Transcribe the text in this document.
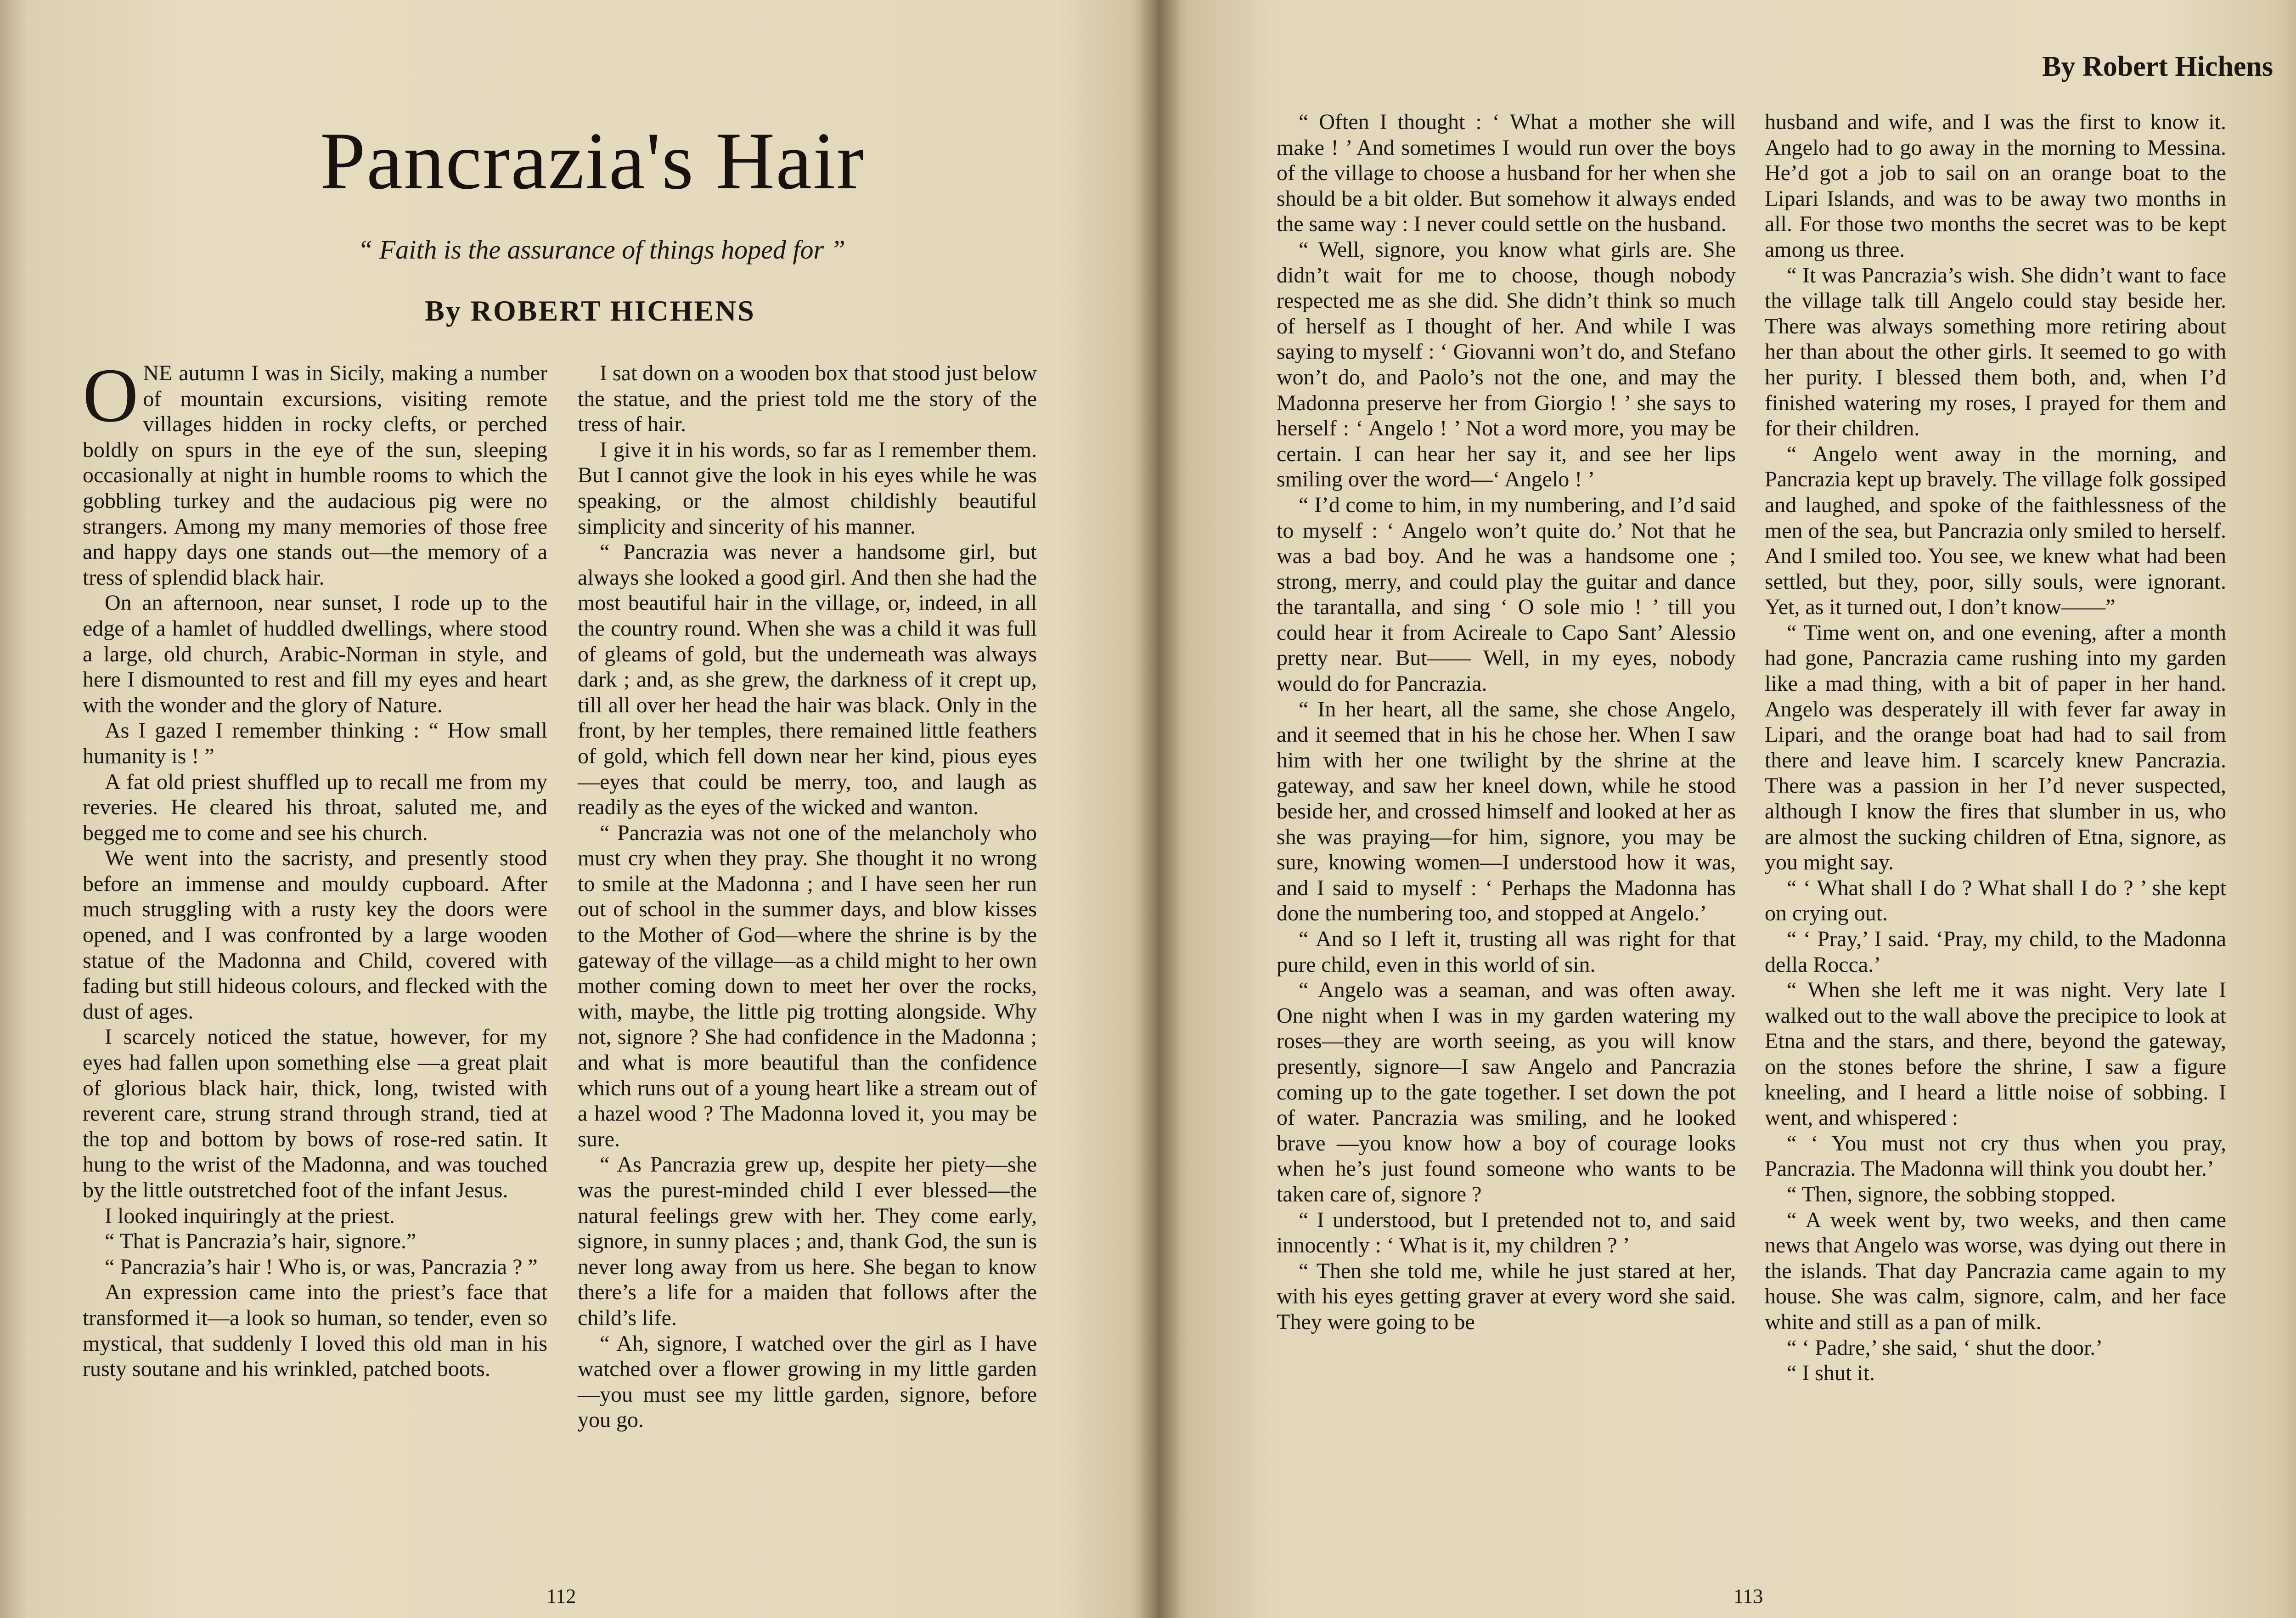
Pancrazia's Hair
“ Faith is the assurance of things hoped for ”
By ROBERT HICHENS

ONE autumn I was in Sicily, making a number of mountain excursions, visiting remote villages hidden in rocky clefts, or perched boldly on spurs in the eye of the sun, sleeping occasionally at night in humble rooms to which the gobbling turkey and the audacious pig were no strangers. Among my many memories of those free and happy days one stands out—the memory of a tress of splendid black hair.

On an afternoon, near sunset, I rode up to the edge of a hamlet of huddled dwellings, where stood a large, old church, Arabic-Norman in style, and here I dismounted to rest and fill my eyes and heart with the wonder and the glory of Nature.

As I gazed I remember thinking : “ How small humanity is ! ”

A fat old priest shuffled up to recall me from my reveries. He cleared his throat, saluted me, and begged me to come and see his church.

We went into the sacristy, and presently stood before an immense and mouldy cupboard. After much struggling with a rusty key the doors were opened, and I was confronted by a large wooden statue of the Madonna and Child, covered with fading but still hideous colours, and flecked with the dust of ages.

I scarcely noticed the statue, however, for my eyes had fallen upon something else —a great plait of glorious black hair, thick, long, twisted with reverent care, strung strand through strand, tied at the top and bottom by bows of rose-red satin. It hung to the wrist of the Madonna, and was touched by the little outstretched foot of the infant Jesus.

I looked inquiringly at the priest.

“ That is Pancrazia’s hair, signore.”

“ Pancrazia’s hair ! Who is, or was, Pancrazia ? ”

An expression came into the priest’s face that transformed it—a look so human, so tender, even so mystical, that suddenly I loved this old man in his rusty soutane and his wrinkled, patched boots.

I sat down on a wooden box that stood just below the statue, and the priest told me the story of the tress of hair.

I give it in his words, so far as I remember them. But I cannot give the look in his eyes while he was speaking, or the almost childishly beautiful simplicity and sincerity of his manner.

“ Pancrazia was never a handsome girl, but always she looked a good girl. And then she had the most beautiful hair in the village, or, indeed, in all the country round. When she was a child it was full of gleams of gold, but the underneath was always dark ; and, as she grew, the darkness of it crept up, till all over her head the hair was black. Only in the front, by her temples, there remained little feathers of gold, which fell down near her kind, pious eyes—eyes that could be merry, too, and laugh as readily as the eyes of the wicked and wanton.

“ Pancrazia was not one of the melancholy who must cry when they pray. She thought it no wrong to smile at the Madonna ; and I have seen her run out of school in the summer days, and blow kisses to the Mother of God—where the shrine is by the gateway of the village—as a child might to her own mother coming down to meet her over the rocks, with, maybe, the little pig trotting alongside. Why not, signore ? She had confidence in the Madonna ; and what is more beautiful than the confidence which runs out of a young heart like a stream out of a hazel wood ? The Madonna loved it, you may be sure.

“ As Pancrazia grew up, despite her piety—she was the purest-minded child I ever blessed—the natural feelings grew with her. They come early, signore, in sunny places ; and, thank God, the sun is never long away from us here. She began to know there’s a life for a maiden that follows after the child’s life.

“ Ah, signore, I watched over the girl as I have watched over a flower growing in my little garden—you must see my little garden, signore, before you go.

112
By Robert Hichens

“ Often I thought : ‘ What a mother she will make ! ’ And sometimes I would run over the boys of the village to choose a husband for her when she should be a bit older. But somehow it always ended the same way : I never could settle on the husband.

“ Well, signore, you know what girls are. She didn’t wait for me to choose, though nobody respected me as she did. She didn’t think so much of herself as I thought of her. And while I was saying to myself : ‘ Giovanni won’t do, and Stefano won’t do, and Paolo’s not the one, and may the Madonna preserve her from Giorgio ! ’ she says to herself : ‘ Angelo ! ’ Not a word more, you may be certain. I can hear her say it, and see her lips smiling over the word—‘ Angelo ! ’

“ I’d come to him, in my numbering, and I’d said to myself : ‘ Angelo won’t quite do.’ Not that he was a bad boy. And he was a handsome one ; strong, merry, and could play the guitar and dance the tarantalla, and sing ‘ O sole mio ! ’ till you could hear it from Acireale to Capo Sant’ Alessio pretty near. But—— Well, in my eyes, nobody would do for Pancrazia.

“ In her heart, all the same, she chose Angelo, and it seemed that in his he chose her. When I saw him with her one twilight by the shrine at the gateway, and saw her kneel down, while he stood beside her, and crossed himself and looked at her as she was praying—for him, signore, you may be sure, knowing women—I understood how it was, and I said to myself : ‘ Perhaps the Madonna has done the numbering too, and stopped at Angelo.’

“ And so I left it, trusting all was right for that pure child, even in this world of sin.

“ Angelo was a seaman, and was often away. One night when I was in my garden watering my roses—they are worth seeing, as you will know presently, signore—I saw Angelo and Pancrazia coming up to the gate together. I set down the pot of water. Pancrazia was smiling, and he looked brave —you know how a boy of courage looks when he’s just found someone who wants to be taken care of, signore ?

“ I understood, but I pretended not to, and said innocently : ‘ What is it, my children ? ’

“ Then she told me, while he just stared at her, with his eyes getting graver at every word she said. They were going to be

husband and wife, and I was the first to know it. Angelo had to go away in the morning to Messina. He’d got a job to sail on an orange boat to the Lipari Islands, and was to be away two months in all. For those two months the secret was to be kept among us three.

“ It was Pancrazia’s wish. She didn’t want to face the village talk till Angelo could stay beside her. There was always something more retiring about her than about the other girls. It seemed to go with her purity. I blessed them both, and, when I’d finished watering my roses, I prayed for them and for their children.

“ Angelo went away in the morning, and Pancrazia kept up bravely. The village folk gossiped and laughed, and spoke of the faithlessness of the men of the sea, but Pancrazia only smiled to herself. And I smiled too. You see, we knew what had been settled, but they, poor, silly souls, were ignorant. Yet, as it turned out, I don’t know——”

“ Time went on, and one evening, after a month had gone, Pancrazia came rushing into my garden like a mad thing, with a bit of paper in her hand. Angelo was desperately ill with fever far away in Lipari, and the orange boat had had to sail from there and leave him. I scarcely knew Pancrazia. There was a passion in her I’d never suspected, although I know the fires that slumber in us, who are almost the sucking children of Etna, signore, as you might say.

“ ‘ What shall I do ? What shall I do ? ’ she kept on crying out.

“ ‘ Pray,’ I said. ‘Pray, my child, to the Madonna della Rocca.’

“ When she left me it was night. Very late I walked out to the wall above the precipice to look at Etna and the stars, and there, beyond the gateway, on the stones before the shrine, I saw a figure kneeling, and I heard a little noise of sobbing. I went, and whispered :

“ ‘ You must not cry thus when you pray, Pancrazia. The Madonna will think you doubt her.’

“ Then, signore, the sobbing stopped.

“ A week went by, two weeks, and then came news that Angelo was worse, was dying out there in the islands. That day Pancrazia came again to my house. She was calm, signore, calm, and her face white and still as a pan of milk.

“ ‘ Padre,’ she said, ‘ shut the door.’

“ I shut it.

113
